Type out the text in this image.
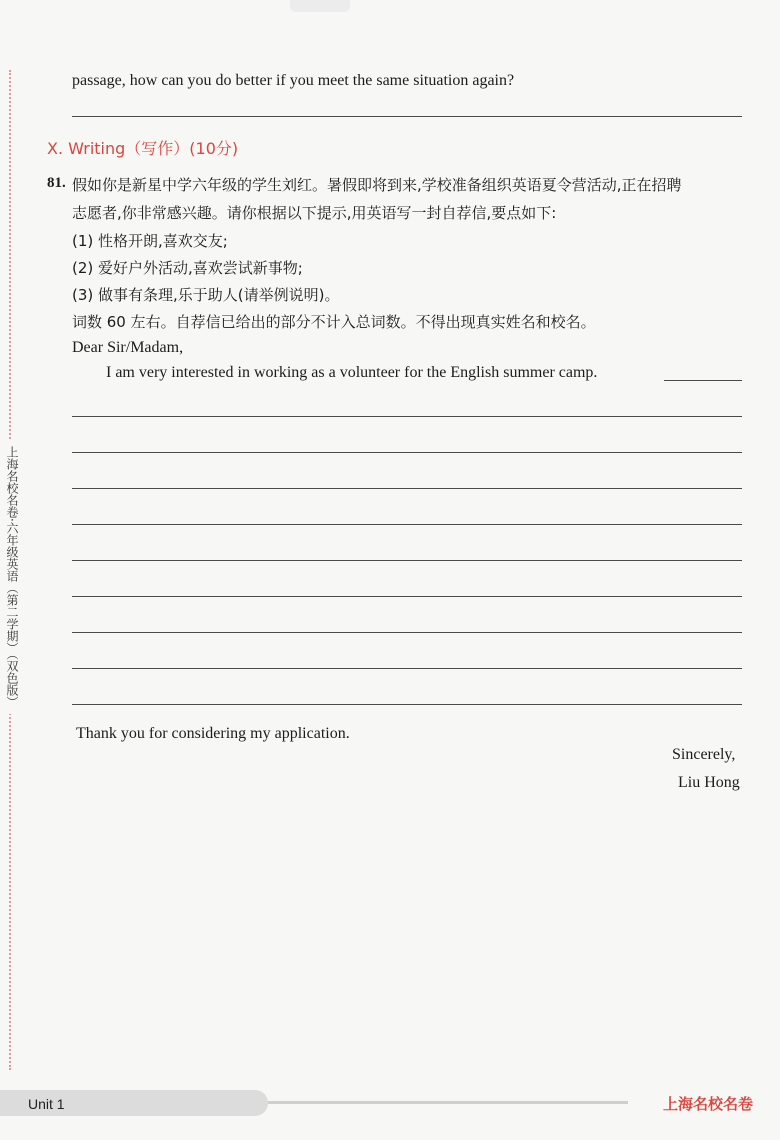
上海名校名卷·六年级英语（第二学期）（双色版）
passage, how can you do better if you meet the same situation again?
X. Writing（写作）(10分)
81. 假如你是新星中学六年级的学生刘红。暑假即将到来,学校准备组织英语夏令营活动,正在招聘
志愿者,你非常感兴趣。请你根据以下提示,用英语写一封自荐信,要点如下:
(1) 性格开朗,喜欢交友;
(2) 爱好户外活动,喜欢尝试新事物;
(3) 做事有条理,乐于助人(请举例说明)。
词数 60 左右。自荐信已给出的部分不计入总词数。不得出现真实姓名和校名。
Dear Sir/Madam,
I am very interested in working as a volunteer for the English summer camp.
Thank you for considering my application.
Sincerely,
Liu Hong
Unit 1	上海名校名卷
